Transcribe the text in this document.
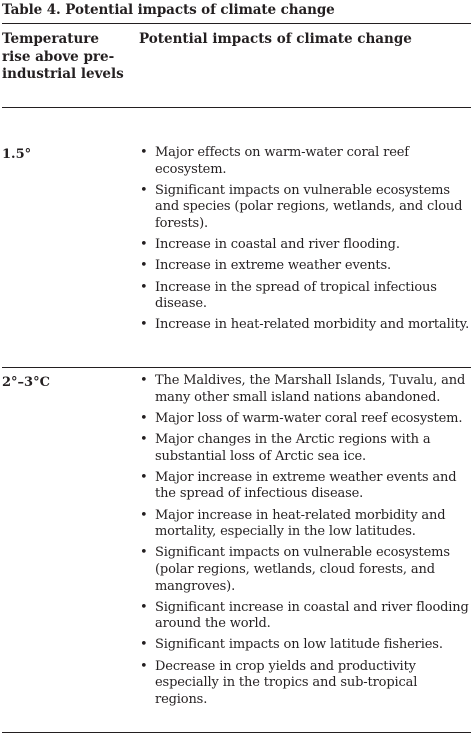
Table 4. Potential impacts of climate change
Temperature rise above pre-industrial levels
Potential impacts of climate change
1.5°	• Major effects on warm-water coral reef ecosystem.
• Significant impacts on vulnerable ecosystems and species (polar regions, wetlands, and cloud forests).
• Increase in coastal and river flooding.
• Increase in extreme weather events.
• Increase in the spread of tropical infectious disease.
• Increase in heat-related morbidity and mortality.
2°–3°C	• The Maldives, the Marshall Islands, Tuvalu, and many other small island nations abandoned.
• Major loss of warm-water coral reef ecosystem.
• Major changes in the Arctic regions with a substantial loss of Arctic sea ice.
• Major increase in extreme weather events and the spread of infectious disease.
• Major increase in heat-related morbidity and mortality, especially in the low latitudes.
• Significant impacts on vulnerable ecosystems (polar regions, wetlands, cloud forests, and mangroves).
• Significant increase in coastal and river flooding around the world.
• Significant impacts on low latitude fisheries.
• Decrease in crop yields and productivity especially in the tropics and sub-tropical regions.
